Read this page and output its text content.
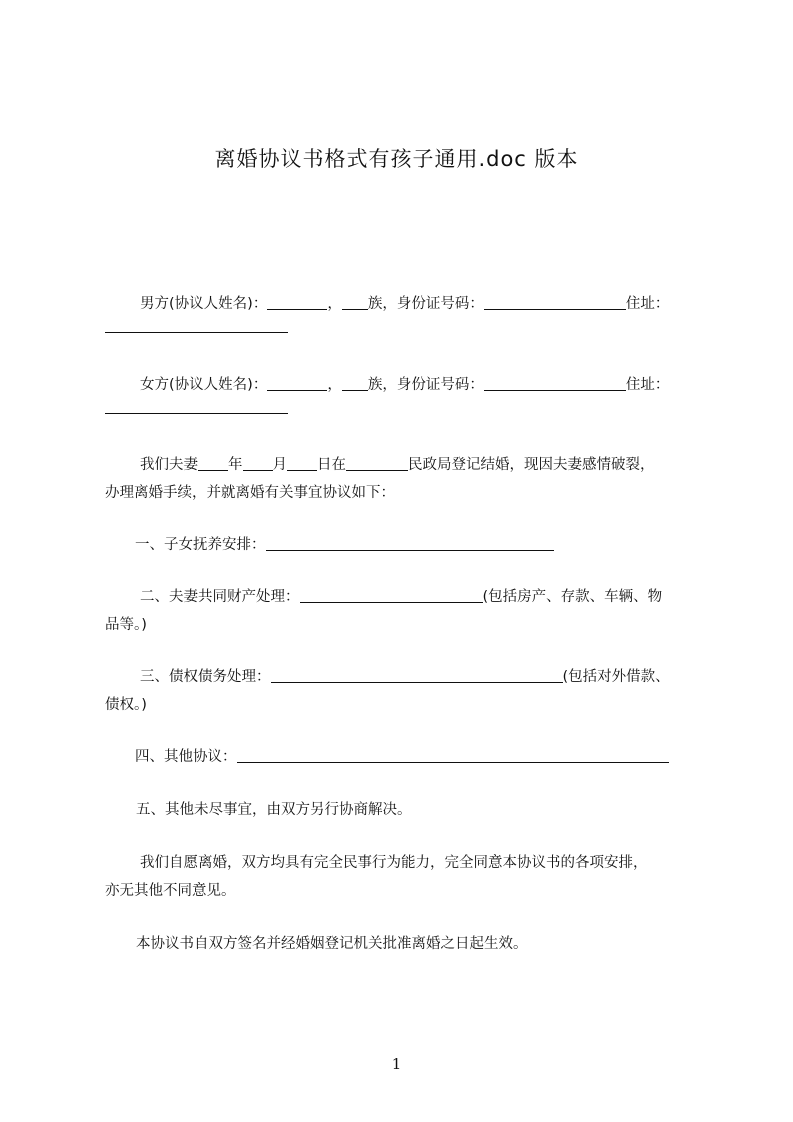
离婚协议书格式有孩子通用.doc 版本
男方(协议人姓名)：	， 族，身份证号码：	住址：
女方(协议人姓名)：	， 族，身份证号码：	住址：
我们夫妻 年 月 日在	民政局登记结婚，现因夫妻感情破裂，
办理离婚手续，并就离婚有关事宜协议如下：
一、子女抚养安排：
二、夫妻共同财产处理：	(包括房产、存款、车辆、物
品等。)
三、债权债务处理：	(包括对外借款、
债权。)
四、其他协议：
五、其他未尽事宜，由双方另行协商解决。
我们自愿离婚，双方均具有完全民事行为能力，完全同意本协议书的各项安排，
亦无其他不同意见。
本协议书自双方签名并经婚姻登记机关批准离婚之日起生效。
1
